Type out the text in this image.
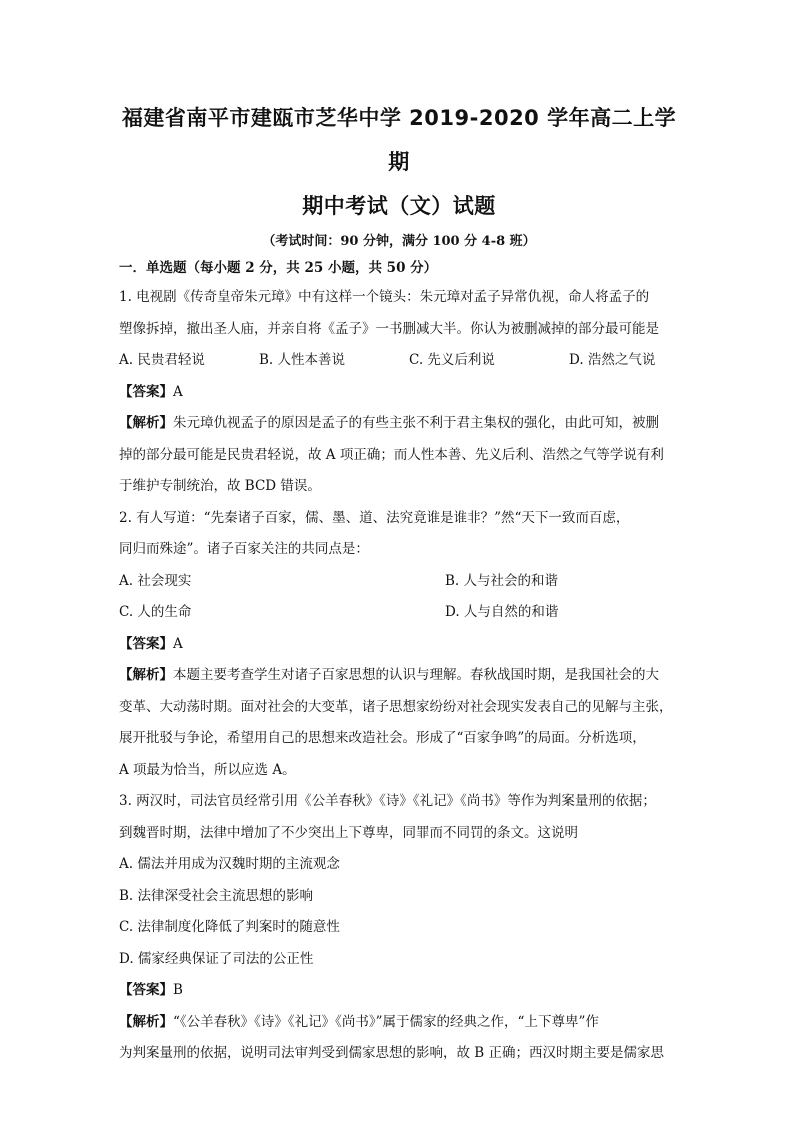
福建省南平市建瓯市芝华中学 2019-2020 学年高二上学期
期中考试（文）试题

（考试时间：90 分钟，满分 100 分 4-8 班）

一．单选题（每小题 2 分，共 25 小题，共 50 分）

1. 电视剧《传奇皇帝朱元璋》中有这样一个镜头：朱元璋对孟子异常仇视，命人将孟子的

塑像拆掉，撤出圣人庙，并亲自将《孟子》一书删减大半。你认为被删减掉的部分最可能是

A. 民贵君轻说	B. 人性本善说	C. 先义后利说	D. 浩然之气说

【答案】A

【解析】朱元璋仇视孟子的原因是孟子的有些主张不利于君主集权的强化，由此可知，被删

掉的部分最可能是民贵君轻说，故 A 项正确；而人性本善、先义后利、浩然之气等学说有利

于维护专制统治，故 BCD 错误。

2. 有人写道：“先秦诸子百家，儒、墨、道、法究竟谁是谁非？”然“天下一致而百虑，

同归而殊途”。诸子百家关注的共同点是：

A. 社会现实	B. 人与社会的和谐
C. 人的生命	D. 人与自然的和谐

【答案】A

【解析】本题主要考查学生对诸子百家思想的认识与理解。春秋战国时期，是我国社会的大

变革、大动荡时期。面对社会的大变革，诸子思想家纷纷对社会现实发表自己的见解与主张，

展开批驳与争论，希望用自己的思想来改造社会。形成了“百家争鸣”的局面。分析选项，

A 项最为恰当，所以应选 A。

3. 两汉时，司法官员经常引用《公羊春秋》《诗》《礼记》《尚书》等作为判案量刑的依据；

到魏晋时期，法律中增加了不少突出上下尊卑，同罪而不同罚的条文。这说明

A. 儒法并用成为汉魏时期的主流观念

B. 法律深受社会主流思想的影响

C. 法律制度化降低了判案时的随意性

D. 儒家经典保证了司法的公正性

【答案】B

【解析】“《公羊春秋》《诗》《礼记》《尚书》”属于儒家的经典之作，“上下尊卑”作

为判案量刑的依据，说明司法审判受到儒家思想的影响，故 B 正确；西汉时期主要是儒家思
